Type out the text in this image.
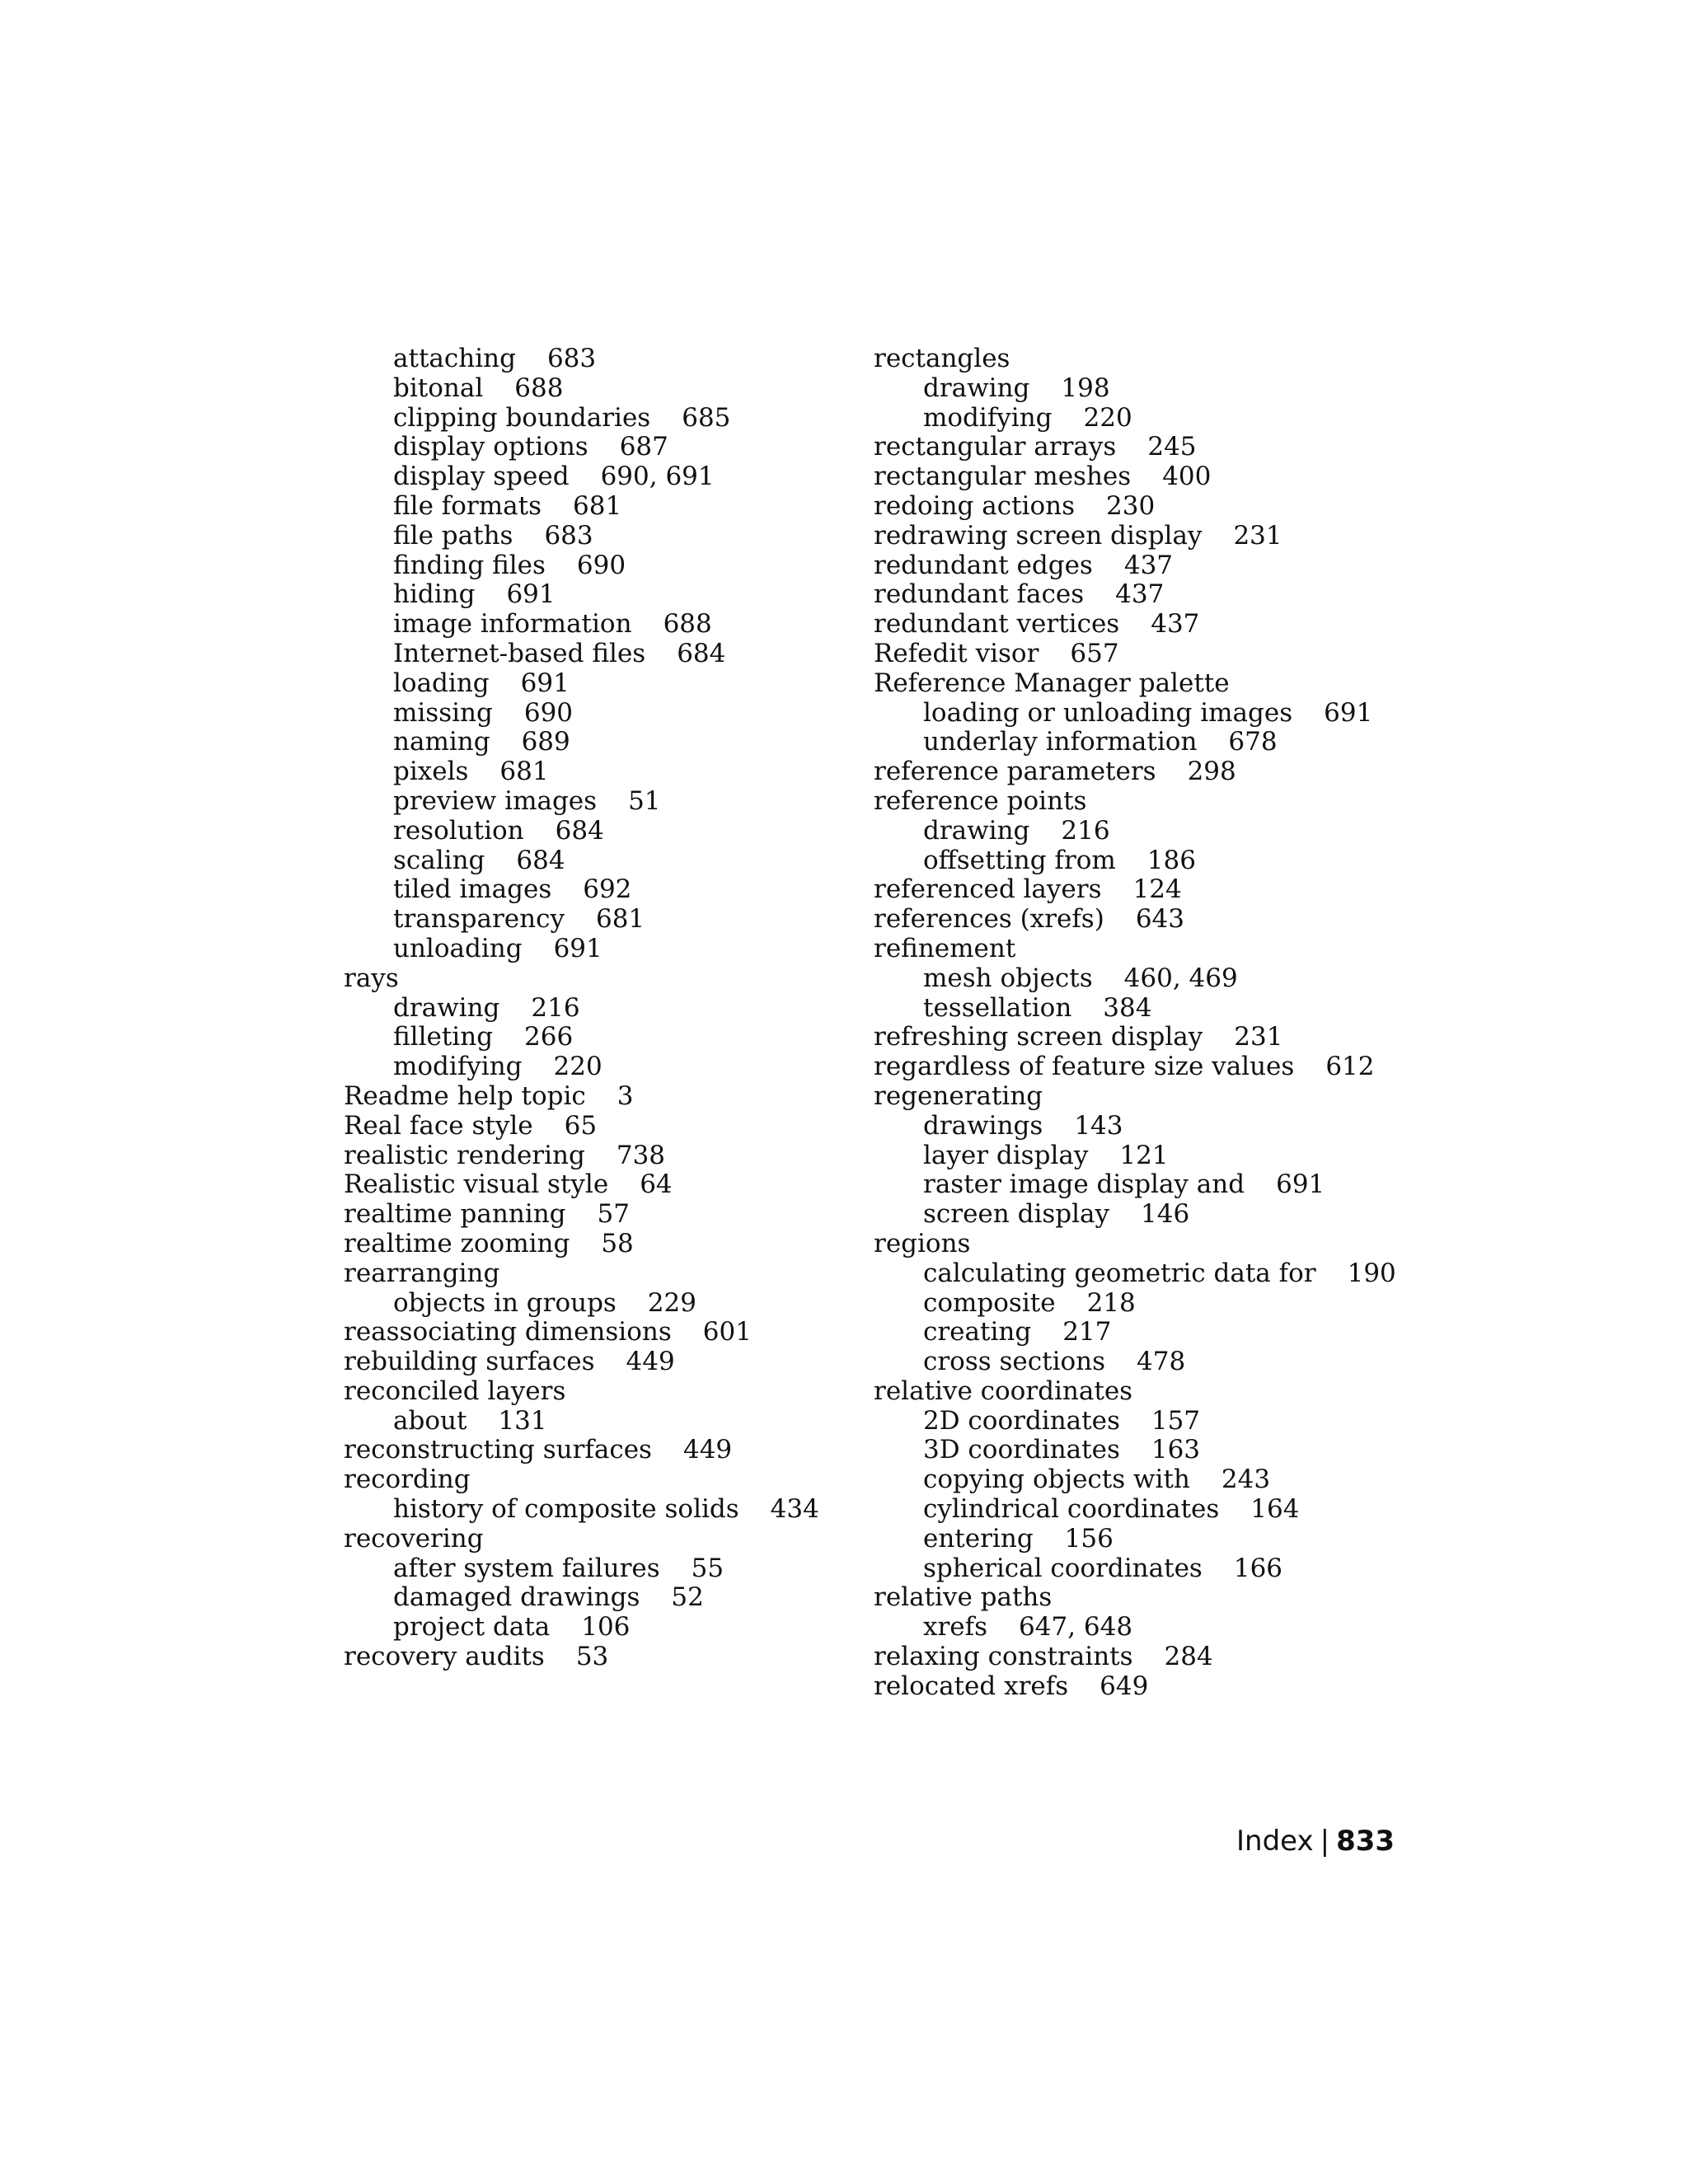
attaching 683
bitonal 688
clipping boundaries 685
display options 687
display speed 690, 691
file formats 681
file paths 683
finding files 690
hiding 691
image information 688
Internet-based files 684
loading 691
missing 690
naming 689
pixels 681
preview images 51
resolution 684
scaling 684
tiled images 692
transparency 681
unloading 691
rays
drawing 216
filleting 266
modifying 220
Readme help topic 3
Real face style 65
realistic rendering 738
Realistic visual style 64
realtime panning 57
realtime zooming 58
rearranging
objects in groups 229
reassociating dimensions 601
rebuilding surfaces 449
reconciled layers
about 131
reconstructing surfaces 449
recording
history of composite solids 434
recovering
after system failures 55
damaged drawings 52
project data 106
recovery audits 53
rectangles
drawing 198
modifying 220
rectangular arrays 245
rectangular meshes 400
redoing actions 230
redrawing screen display 231
redundant edges 437
redundant faces 437
redundant vertices 437
Refedit visor 657
Reference Manager palette
loading or unloading images 691
underlay information 678
reference parameters 298
reference points
drawing 216
offsetting from 186
referenced layers 124
references (xrefs) 643
refinement
mesh objects 460, 469
tessellation 384
refreshing screen display 231
regardless of feature size values 612
regenerating
drawings 143
layer display 121
raster image display and 691
screen display 146
regions
calculating geometric data for 190
composite 218
creating 217
cross sections 478
relative coordinates
2D coordinates 157
3D coordinates 163
copying objects with 243
cylindrical coordinates 164
entering 156
spherical coordinates 166
relative paths
xrefs 647, 648
relaxing constraints 284
relocated xrefs 649
Index | 833
